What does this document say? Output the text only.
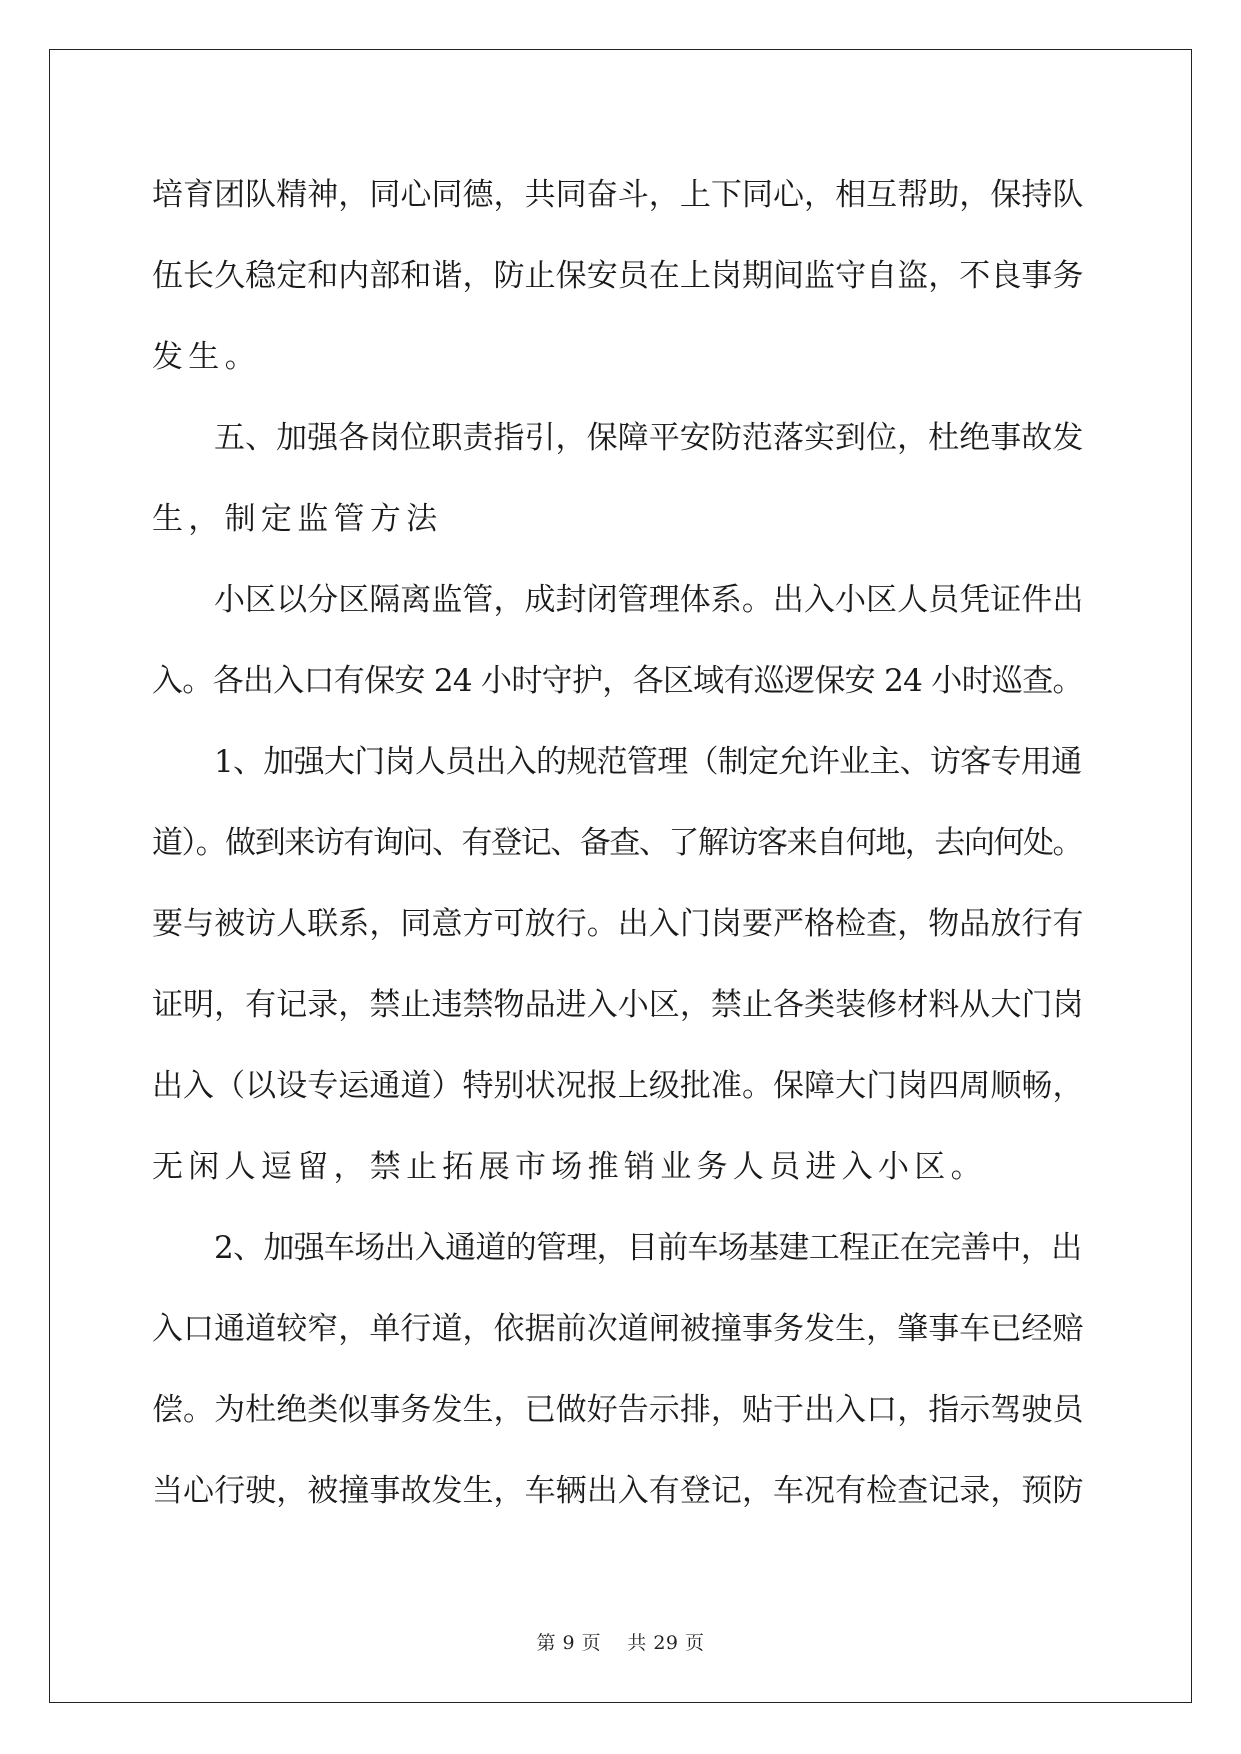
培育团队精神，同心同德，共同奋斗，上下同心，相互帮助，保持队
伍长久稳定和内部和谐，防止保安员在上岗期间监守自盗，不良事务
发生。
五、加强各岗位职责指引，保障平安防范落实到位，杜绝事故发
生，制定监管方法
小区以分区隔离监管，成封闭管理体系。出入小区人员凭证件出
入。各出入口有保安 24 小时守护，各区域有巡逻保安 24 小时巡查。
1、加强大门岗人员出入的规范管理（制定允许业主、访客专用通
道）。做到来访有询问、有登记、备查、了解访客来自何地，去向何处。
要与被访人联系，同意方可放行。出入门岗要严格检查，物品放行有
证明，有记录，禁止违禁物品进入小区，禁止各类装修材料从大门岗
出入（以设专运通道）特别状况报上级批准。保障大门岗四周顺畅，
无闲人逗留，禁止拓展市场推销业务人员进入小区。
2、加强车场出入通道的管理，目前车场基建工程正在完善中，出
入口通道较窄，单行道，依据前次道闸被撞事务发生，肇事车已经赔
偿。为杜绝类似事务发生，已做好告示排，贴于出入口，指示驾驶员
当心行驶，被撞事故发生，车辆出入有登记，车况有检查记录，预防
第 9 页 共 29 页
